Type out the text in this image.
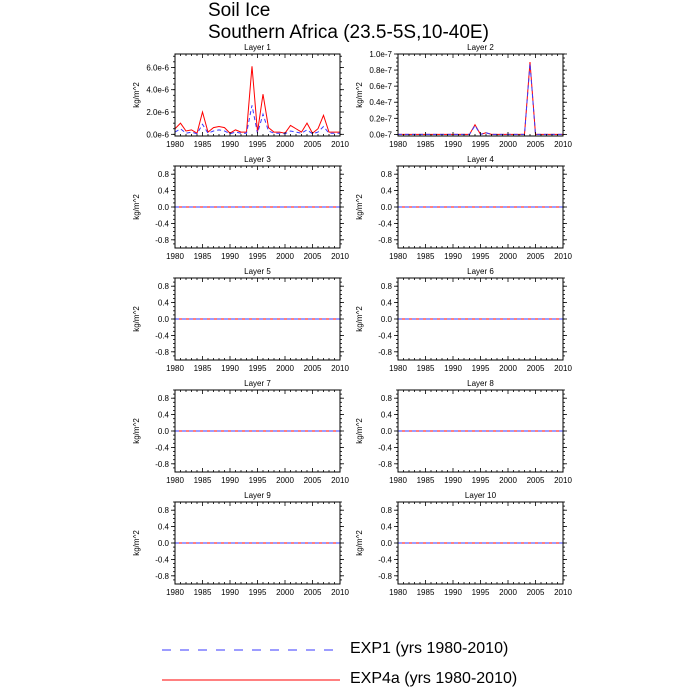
Soil Ice
Southern Africa (23.5-5S,10-40E)
Layer 1
kg/m^2
1980 1985 1990 1995 2000 2005 2010
0.0e-6
2.0e-6
4.0e-6
6.0e-6
Layer 2
kg/m^2
1980 1985 1990 1995 2000 2005 2010
0.0e-7
0.2e-7
0.4e-7
0.6e-7
0.8e-7
1.0e-7
Layer 3
kg/m^2
1980 1985 1990 1995 2000 2005 2010
-0.8
-0.4
0.0
0.4
0.8
Layer 4
kg/m^2
1980 1985 1990 1995 2000 2005 2010
-0.8
-0.4
0.0
0.4
0.8
Layer 5
kg/m^2
1980 1985 1990 1995 2000 2005 2010
-0.8
-0.4
0.0
0.4
0.8
Layer 6
kg/m^2
1980 1985 1990 1995 2000 2005 2010
-0.8
-0.4
0.0
0.4
0.8
Layer 7
kg/m^2
1980 1985 1990 1995 2000 2005 2010
-0.8
-0.4
0.0
0.4
0.8
Layer 8
kg/m^2
1980 1985 1990 1995 2000 2005 2010
-0.8
-0.4
0.0
0.4
0.8
Layer 9
kg/m^2
1980 1985 1990 1995 2000 2005 2010
-0.8
-0.4
0.0
0.4
0.8
Layer 10
kg/m^2
1980 1985 1990 1995 2000 2005 2010
-0.8
-0.4
0.0
0.4
0.8
EXP1 (yrs 1980-2010)
EXP4a (yrs 1980-2010)
